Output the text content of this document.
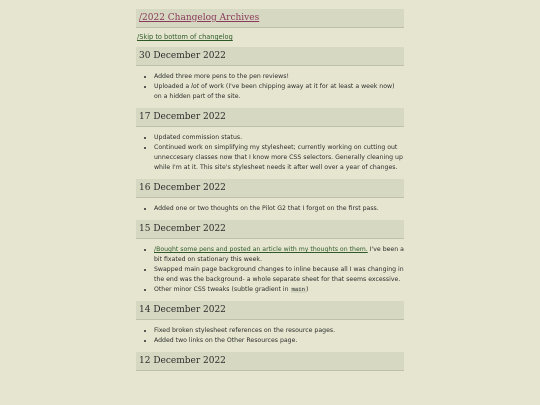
/2022 Changelog Archives
/Skip to bottom of changelog
30 December 2022
• Added three more pens to the pen reviews!
• Uploaded a lot of work (I've been chipping away at it for at least a week now) on a hidden part of the site.
17 December 2022
• Updated commission status.
• Continued work on simplifying my stylesheet; currently working on cutting out unneccesary classes now that I know more CSS selectors. Generally cleaning up while I'm at it. This site's stylesheet needs it after well over a year of changes.
16 December 2022
• Added one or two thoughts on the Pilot G2 that I forgot on the first pass.
15 December 2022
• /Bought some pens and posted an article with my thoughts on them. I've been a bit fixated on stationary this week.
• Swapped main page background changes to inline because all I was changing in the end was the background- a whole separate sheet for that seems excessive.
• Other minor CSS tweaks (subtle gradient in main)
14 December 2022
• Fixed broken stylesheet references on the resource pages.
• Added two links on the Other Resources page.
12 December 2022
